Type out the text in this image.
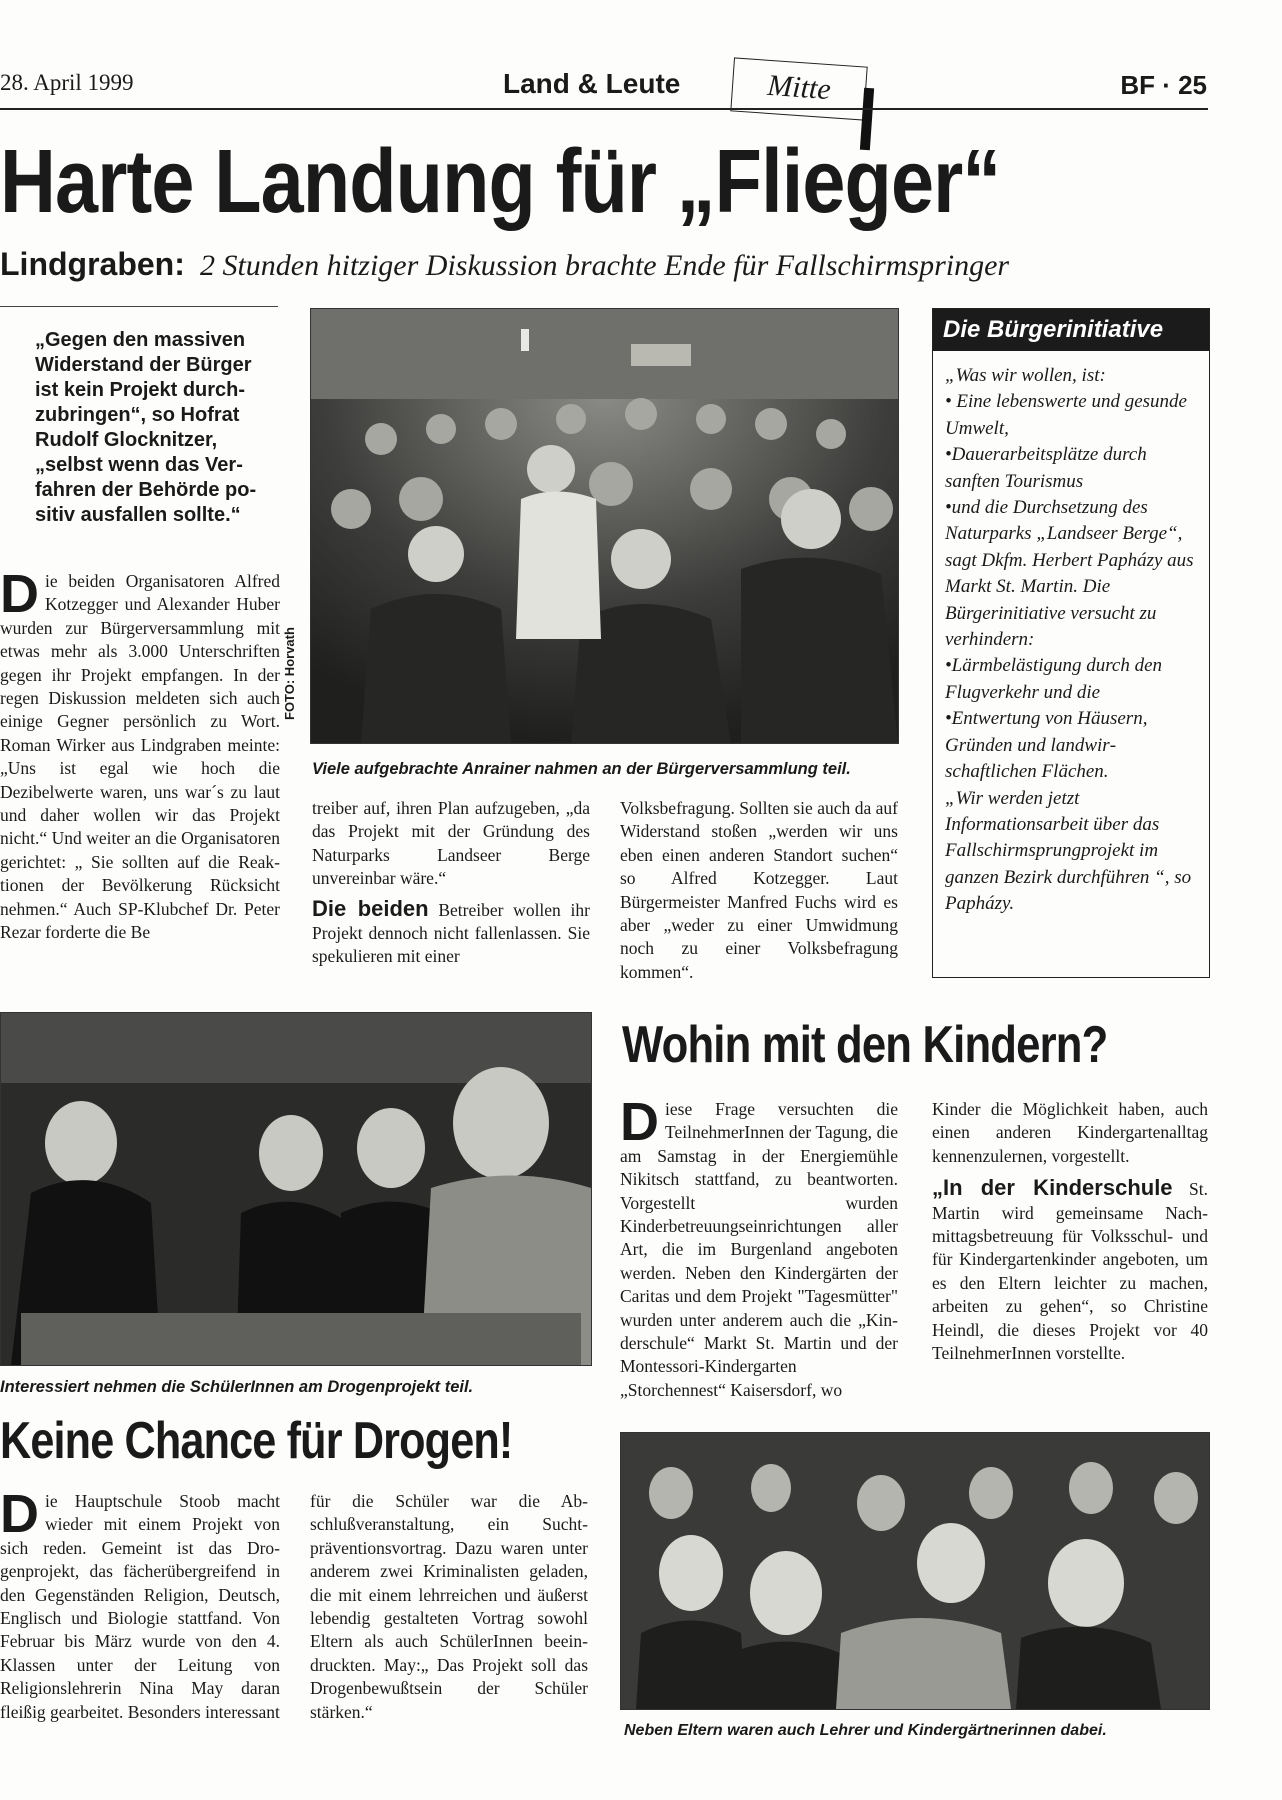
28. April 1999	Land & Leute	Mitte	BF · 25
Harte Landung für „Flieger“
Lindgraben: 2 Stunden hitziger Diskussion brachte Ende für Fallschirmspringer
„Gegen den massiven Widerstand der Bürger ist kein Projekt durchzubringen“, so Hofrat Rudolf Glocknitzer, „selbst wenn das Verfahren der Behörde positiv ausfallen sollte.“

Die beiden Organisatoren Alfred Kotzegger und Alexander Huber wurden zur Bürgerversammlung mit etwas mehr als 3.000 Unterschriften gegen ihr Projekt empfangen. In der regen Diskussion meldeten sich auch einige Gegner persönlich zu Wort. Roman Wirker aus Lindgraben meinte: „Uns ist egal wie hoch die Dezibelwerte waren, uns war´s zu laut und daher wollen wir das Projekt nicht.“ Und weiter an die Organisatoren gerichtet: „ Sie sollten auf die Reaktionen der Bevölkerung Rücksicht nehmen.“ Auch SP-Klubchef Dr. Peter Rezar forderte die Be

FOTO: Horvath
Viele aufgebrachte Anrainer nahmen an der Bürgerversammlung teil.

treiber auf, ihren Plan aufzugeben, „da das Projekt mit der Gründung des Naturparks Landseer Berge unvereinbar wäre.“

Die beiden Betreiber wollen ihr Projekt dennoch nicht fallenlassen. Sie spekulieren mit einer

Volksbefragung. Sollten sie auch da auf Widerstand stoßen „werden wir uns eben einen anderen Standort suchen“ so Alfred Kotzegger. Laut Bürgermeister Manfred Fuchs wird es aber „weder zu einer Umwidmung noch zu einer Volksbefragung kommen“.

Die Bürgerinitiative
„Was wir wollen, ist:
• Eine lebenswerte und gesunde Umwelt,
•Dauerarbeitsplätze durch sanften Tourismus
•und die Durchsetzung des Naturparks „Landseer Berge“, sagt Dkfm. Herbert Papházy aus Markt St. Martin. Die Bürgerinitiative versucht zu verhindern:
•Lärmbelästigung durch den Flugverkehr und die
•Entwertung von Häusern, Gründen und landwirschaftlichen Flächen.
„Wir werden jetzt Informationsarbeit über das Fallschirmsprungprojekt im ganzen Bezirk durchführen “, so Papházy.
Interessiert nehmen die SchülerInnen am Drogenprojekt teil.
Keine Chance für Drogen!

Die Hauptschule Stoob macht wieder mit einem Projekt von sich reden. Gemeint ist das Drogenprojekt, das fächerübergreifend in den Gegenständen Religion, Deutsch, Englisch und Biologie stattfand. Von Februar bis März wurde von den 4. Klassen unter der Leitung von Religionslehrerin Nina May daran fleißig gearbeitet. Besonders interessant

für die Schüler war die Abschlußveranstaltung, ein Suchtpräventionsvortrag. Dazu waren unter anderem zwei Kriminalisten geladen, die mit einem lehrreichen und äußerst lebendig gestalteten Vortrag sowohl Eltern als auch SchülerInnen beeindruckten. May:„ Das Projekt soll das Drogenbewußtsein der Schüler stärken.“

Wohin mit den Kindern?

Diese Frage versuchten die TeilnehmerInnen der Tagung, die am Samstag in der Energiemühle Nikitsch stattfand, zu beantworten. Vorgestellt wurden Kinderbetreuungseinrichtungen aller Art, die im Burgenland angeboten werden. Neben den Kindergärten der Caritas und dem Projekt "Tagesmütter" wurden unter anderem auch die „Kinderschule“ Markt St. Martin und der Montessori-Kindergarten „Storchennest“ Kaisersdorf, wo

Kinder die Möglichkeit haben, auch einen anderen Kindergartenalltag kennenzulernen, vorgestellt.

„In der Kinderschule St. Martin wird gemeinsame Nachmittagsbetreuung für Volksschul- und für Kindergartenkinder angeboten, um es den Eltern leichter zu machen, arbeiten zu gehen“, so Christine Heindl, die dieses Projekt vor 40 TeilnehmerInnen vorstellte.

Neben Eltern waren auch Lehrer und Kindergärtnerinnen dabei.
